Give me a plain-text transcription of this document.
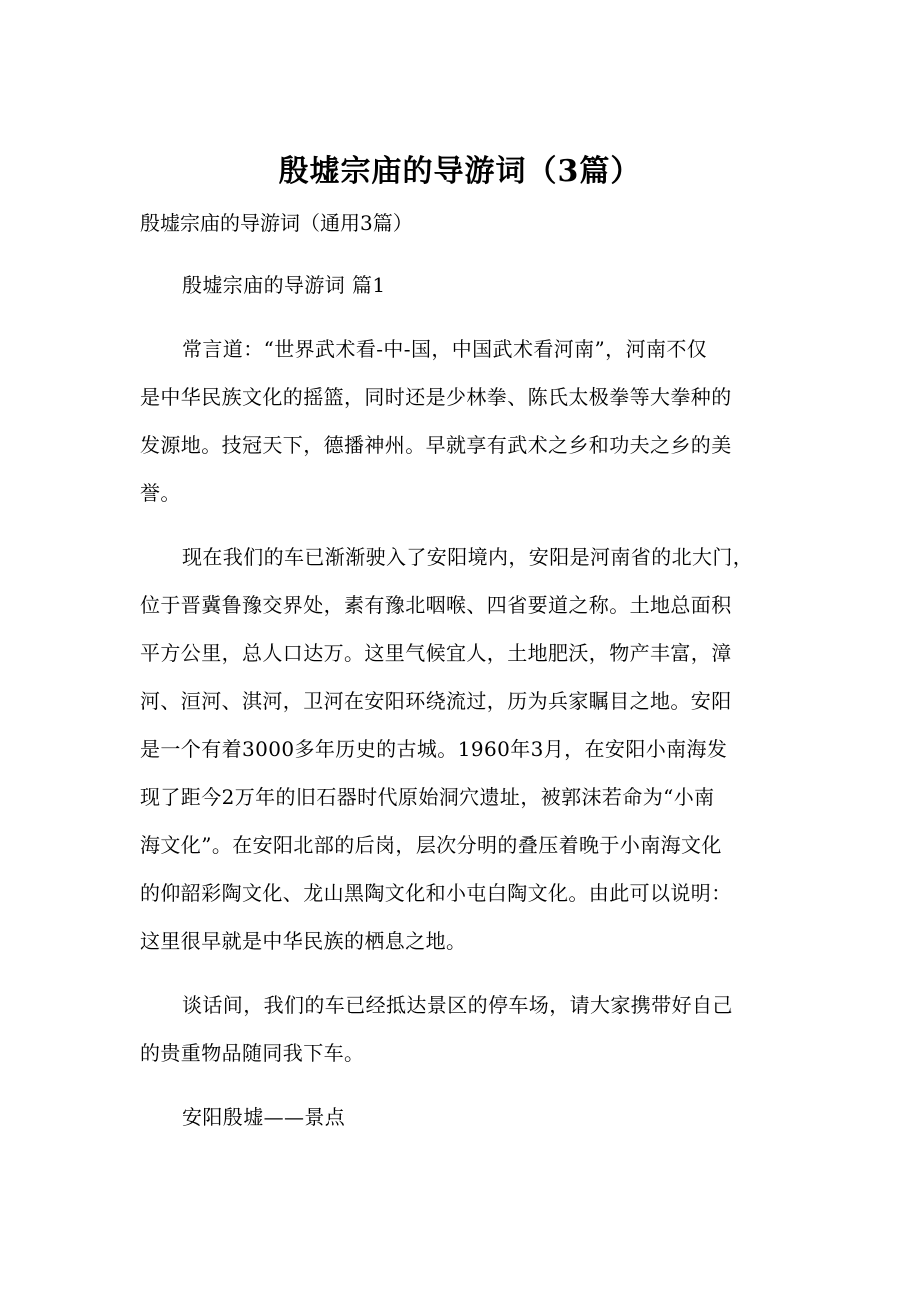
殷墟宗庙的导游词（3篇）
殷墟宗庙的导游词（通用3篇）
殷墟宗庙的导游词 篇1
常言道：“世界武术看-中-国，中国武术看河南”，河南不仅
是中华民族文化的摇篮，同时还是少林拳、陈氏太极拳等大拳种的
发源地。技冠天下，德播神州。早就享有武术之乡和功夫之乡的美
誉。
现在我们的车已渐渐驶入了安阳境内，安阳是河南省的北大门，
位于晋冀鲁豫交界处，素有豫北咽喉、四省要道之称。土地总面积
平方公里，总人口达万。这里气候宜人，土地肥沃，物产丰富，漳
河、洹河、淇河，卫河在安阳环绕流过，历为兵家瞩目之地。安阳
是一个有着3000多年历史的古城。1960年3月，在安阳小南海发
现了距今2万年的旧石器时代原始洞穴遗址，被郭沫若命为“小南
海文化”。在安阳北部的后岗，层次分明的叠压着晚于小南海文化
的仰韶彩陶文化、龙山黑陶文化和小屯白陶文化。由此可以说明：
这里很早就是中华民族的栖息之地。
谈话间，我们的车已经抵达景区的停车场，请大家携带好自己
的贵重物品随同我下车。
安阳殷墟——景点
